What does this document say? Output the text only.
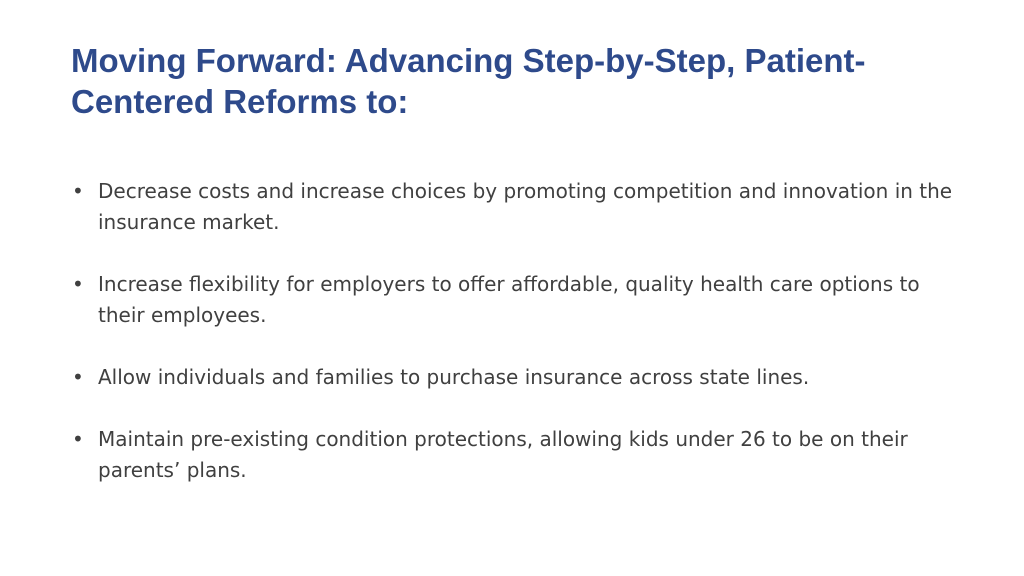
Moving Forward: Advancing Step-by-Step, Patient-Centered Reforms to:
• Decrease costs and increase choices by promoting competition and innovation in the insurance market.
• Increase flexibility for employers to offer affordable, quality health care options to their employees.
• Allow individuals and families to purchase insurance across state lines.
• Maintain pre-existing condition protections, allowing kids under 26 to be on their parents’ plans.
